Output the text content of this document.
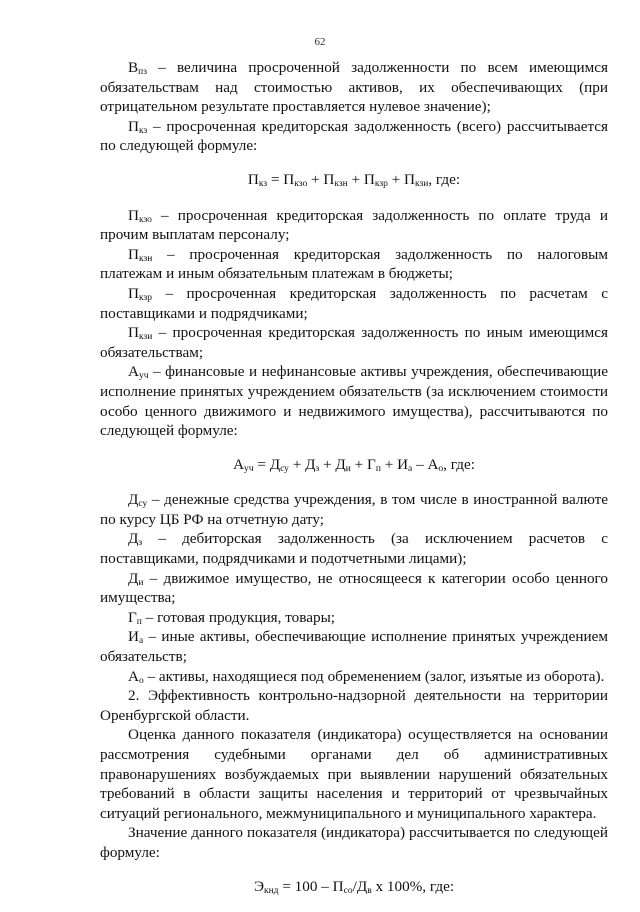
62

$В_{пз}$ – величина просроченной задолженности по всем имеющимся обязательствам над стоимостью активов, их обеспечивающих (при отрицательном результате проставляется нулевое значение);

$П_{кз}$ – просроченная кредиторская задолженность (всего) рассчитывается по следующей формуле:

$П_{кз} = П_{кзо} + П_{кзн} + П_{кзр} + П_{кзи}$, где:

$П_{кзо}$ – просроченная кредиторская задолженность по оплате труда и прочим выплатам персоналу;

$П_{кзн}$ – просроченная кредиторская задолженность по налоговым платежам и иным обязательным платежам в бюджеты;

$П_{кзр}$ – просроченная кредиторская задолженность по расчетам с поставщиками и подрядчиками;

$П_{кзи}$ – просроченная кредиторская задолженность по иным имеющимся обязательствам;

$А_{уч}$ – финансовые и нефинансовые активы учреждения, обеспечивающие исполнение принятых учреждением обязательств (за исключением стоимости особо ценного движимого и недвижимого имущества), рассчитываются по следующей формуле:

$А_{уч} = Д_{су} + Д_з + Д_и + Г_п + И_а - А_о$, где:

$Д_{су}$ – денежные средства учреждения, в том числе в иностранной валюте по курсу ЦБ РФ на отчетную дату;

$Д_з$ – дебиторская задолженность (за исключением расчетов с поставщиками, подрядчиками и подотчетными лицами);

$Д_и$ – движимое имущество, не относящееся к категории особо ценного имущества;

$Г_п$ – готовая продукция, товары;

$И_а$ – иные активы, обеспечивающие исполнение принятых учреждением обязательств;

$А_о$ – активы, находящиеся под обременением (залог, изъятые из оборота).

2. Эффективность контрольно-надзорной деятельности на территории Оренбургской области.

Оценка данного показателя (индикатора) осуществляется на основании рассмотрения судебными органами дел об административных правонарушениях возбуждаемых при выявлении нарушений обязательных требований в области защиты населения и территорий от чрезвычайных ситуаций регионального, межмуниципального и муниципального характера.

Значение данного показателя (индикатора) рассчитывается по следующей формуле:

$Э_{кнд} = 100 - П_{со}/Д_в$ х 100%, где:
